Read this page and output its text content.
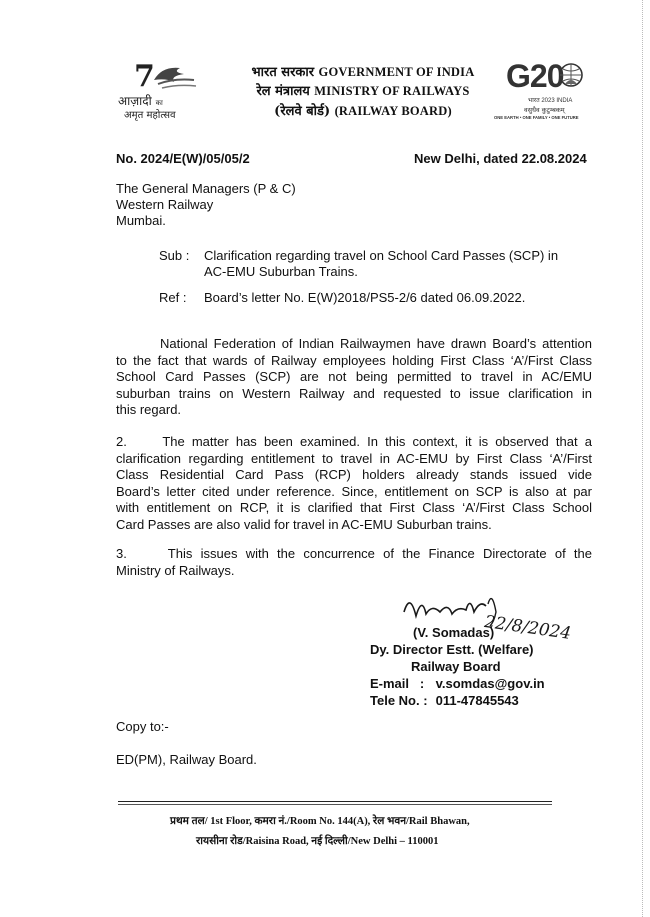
7
आज़ादी का
अमृत महोत्सव
भारत सरकार GOVERNMENT OF INDIA
रेल मंत्रालय MINISTRY OF RAILWAYS
(रेलवे बोर्ड) (RAILWAY BOARD)
G20
भारत 2023 INDIA
वसुधैव कुटुम्बकम्
ONE EARTH • ONE FAMILY • ONE FUTURE
No. 2024/E(W)/05/05/2	New Delhi, dated 22.08.2024
The General Managers (P & C)
Western Railway
Mumbai.
Sub : Clarification regarding travel on School Card Passes (SCP) in
AC-EMU Suburban Trains.
Ref : Board’s letter No. E(W)2018/PS5-2/6 dated 06.09.2022.
National Federation of Indian Railwaymen have drawn Board’s attention
to the fact that wards of Railway employees holding First Class ‘A’/First Class
School Card Passes (SCP) are not being permitted to travel in AC/EMU
suburban trains on Western Railway and requested to issue clarification in
this regard.
2.     The matter has been examined. In this context, it is observed that a
clarification regarding entitlement to travel in AC-EMU by First Class ‘A’/First
Class Residential Card Pass (RCP) holders already stands issued vide
Board’s letter cited under reference. Since, entitlement on SCP is also at par
with entitlement on RCP, it is clarified that First Class ‘A’/First Class School
Card Passes are also valid for travel in AC-EMU Suburban trains.
3.     This issues with the concurrence of the Finance Directorate of the
Ministry of Railways.
22/8/2024
(V. Somadas)
Dy. Director Estt. (Welfare)
Railway Board
E-mail   : v.somdas@gov.in
Tele No. : 011-47845543
Copy to:-
ED(PM), Railway Board.
प्रथम तल/ 1st Floor, कमरा नं./Room No. 144(A), रेल भवन/Rail Bhawan,
रायसीना रोड/Raisina Road, नई दिल्ली/New Delhi – 110001
